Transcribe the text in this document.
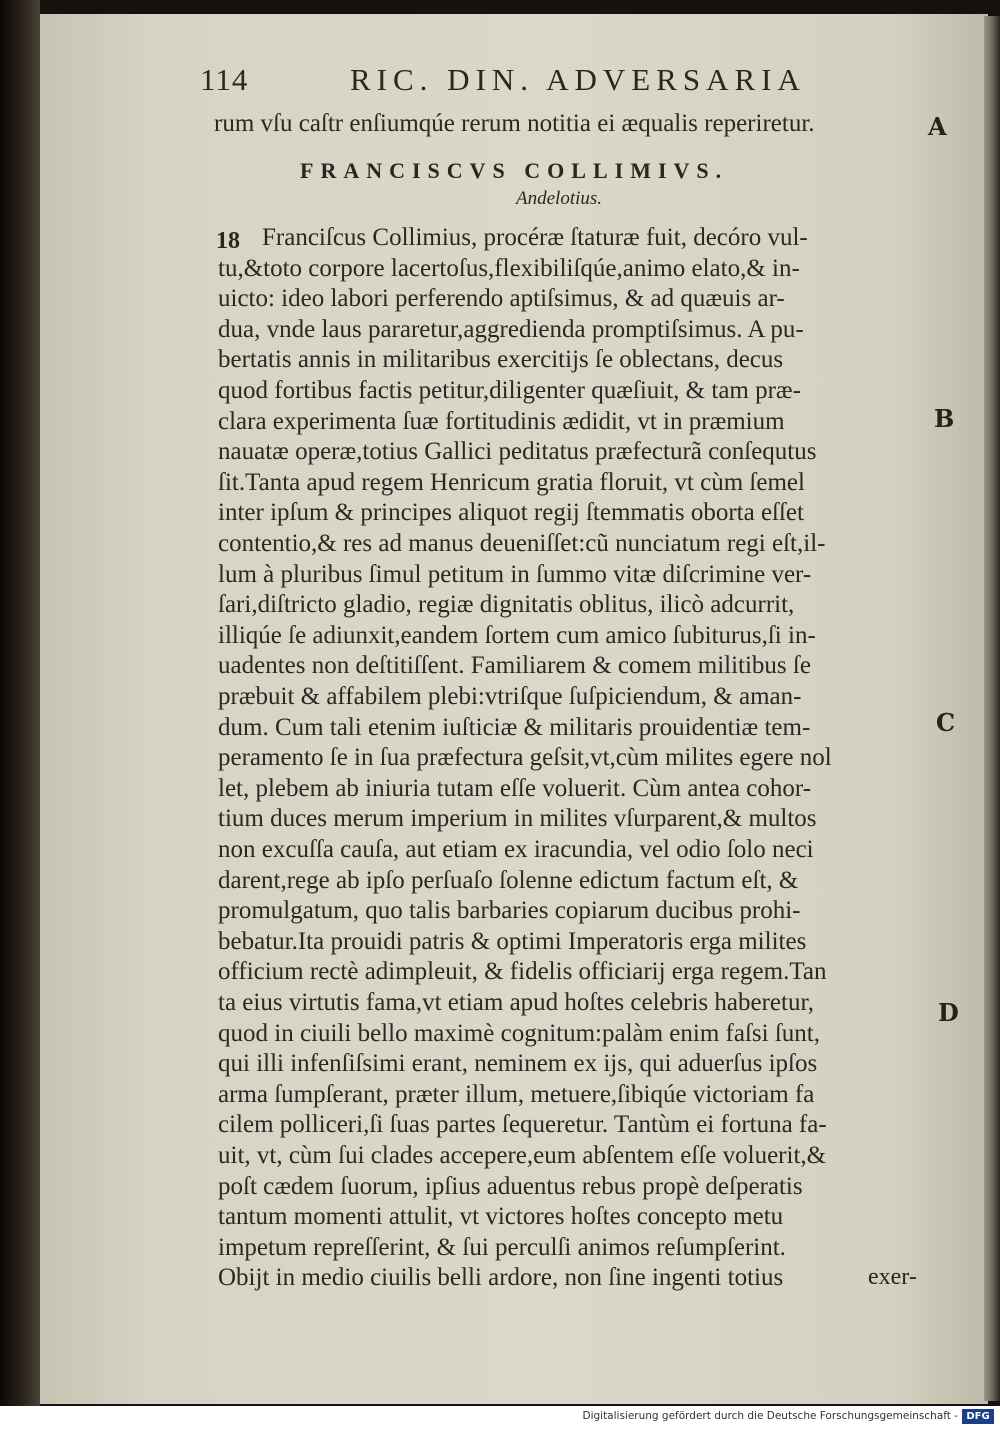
114	RIC. DIN. ADVERSARIA
rum vſu caſtr enſiumqúe rerum notitia ei æqualis reperiretur.
FRANCISCVS COLLIMIVS.
Andelotius.
18 Franciſcus Collimius, procéræ ſtaturæ fuit, decóro vul-
tu,&toto corpore lacertoſus,flexibiliſqúe,animo elato,& in-
uicto: ideo labori perferendo aptiſsimus, & ad quæuis ar-
dua, vnde laus pararetur,aggredienda promptiſsimus. A pu-
bertatis annis in militaribus exercitijs ſe oblectans, decus
quod fortibus factis petitur,diligenter quæſiuit, & tam præ-
clara experimenta ſuæ fortitudinis ædidit, vt in præmium
nauatæ operæ,totius Gallici peditatus præfecturã conſequtus
ſit.Tanta apud regem Henricum gratia floruit, vt cùm ſemel
inter ipſum & principes aliquot regij ſtemmatis oborta eſſet
contentio,& res ad manus deueniſſet:cũ nunciatum regi eſt,il-
lum à pluribus ſimul petitum in ſummo vitæ diſcrimine ver-
ſari,diſtricto gladio, regiæ dignitatis oblitus, ilicò adcurrit,
illiqúe ſe adiunxit,eandem ſortem cum amico ſubiturus,ſi in-
uadentes non deſtitiſſent. Familiarem & comem militibus ſe
præbuit & affabilem plebi:vtriſque ſuſpiciendum, & aman-
dum. Cum tali etenim iuſticiæ & militaris prouidentiæ tem-
peramento ſe in ſua præfectura geſsit,vt,cùm milites egere nol
let, plebem ab iniuria tutam eſſe voluerit. Cùm antea cohor-
tium duces merum imperium in milites vſurparent,& multos
non excuſſa cauſa, aut etiam ex iracundia, vel odio ſolo neci
darent,rege ab ipſo perſuaſo ſolenne edictum factum eſt, &
promulgatum, quo talis barbaries copiarum ducibus prohi-
bebatur.Ita prouidi patris & optimi Imperatoris erga milites
officium rectè adimpleuit, & fidelis officiarij erga regem.Tan
ta eius virtutis fama,vt etiam apud hoſtes celebris haberetur,
quod in ciuili bello maximè cognitum:palàm enim faſsi ſunt,
qui illi infenſiſsimi erant, neminem ex ijs, qui aduerſus ipſos
arma ſumpſerant, præter illum, metuere,ſibiqúe victoriam fa
cilem polliceri,ſi ſuas partes ſequeretur. Tantùm ei fortuna fa-
uit, vt, cùm ſui clades accepere,eum abſentem eſſe voluerit,&
poſt cædem ſuorum, ipſius aduentus rebus propè deſperatis
tantum momenti attulit, vt victores hoſtes concepto metu
impetum repreſſerint, & ſui perculſi animos reſumpſerint.
Obijt in medio ciuilis belli ardore, non ſine ingenti totius	exer-
A
B
C
D
Digitalisierung gefördert durch die Deutsche Forschungsgemeinschaft - DFG
